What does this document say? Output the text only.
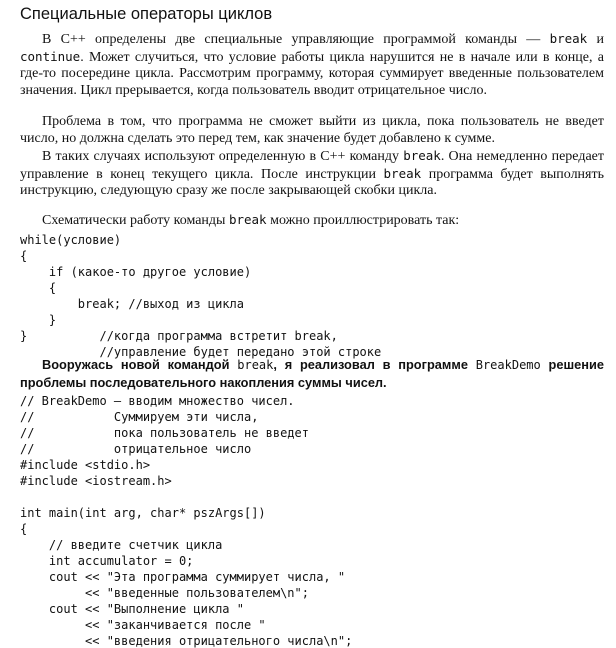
Специальные операторы циклов
В С++ определены две специальные управляющие программой команды — break и continue. Может случиться, что условие работы цикла нарушится не в начале или в конце, а где-то посередине цикла. Рассмотрим программу, которая суммирует введенные пользователем значения. Цикл прерывается, когда пользователь вводит отрицательное число.
Проблема в том, что программа не сможет выйти из цикла, пока пользователь не введет число, но должна сделать это перед тем, как значение будет добавлено к сумме.
В таких случаях используют определенную в С++ команду break. Она немедленно передает управление в конец текущего цикла. После инструкции break программа будет выполнять инструкцию, следующую сразу же после закрывающей скобки цикла.
Схематически работу команды break можно проиллюстрировать так:

while(условие)

{

if (какое-то другое условие)

{

break; //выход из цикла

}

}          //когда программа встретит break,

//управление будет передано этой строке

Вооружась новой командой break, я реализовал в программе BreakDemo решение проблемы последовательного накопления суммы чисел.

// BreakDemo – вводим множество чисел.

//           Суммируем эти числа,

//           пока пользователь не введет

//           отрицательное число

#include <stdio.h>

#include <iostream.h>

int main(int arg, char* pszArgs[])

{

// введите счетчик цикла

int accumulator = 0;

cout << "Эта программа суммирует числа, "

<< "введенные пользователем\n";

cout << "Выполнение цикла "

<< "заканчивается после "

<< "введения отрицательного числа\n";
